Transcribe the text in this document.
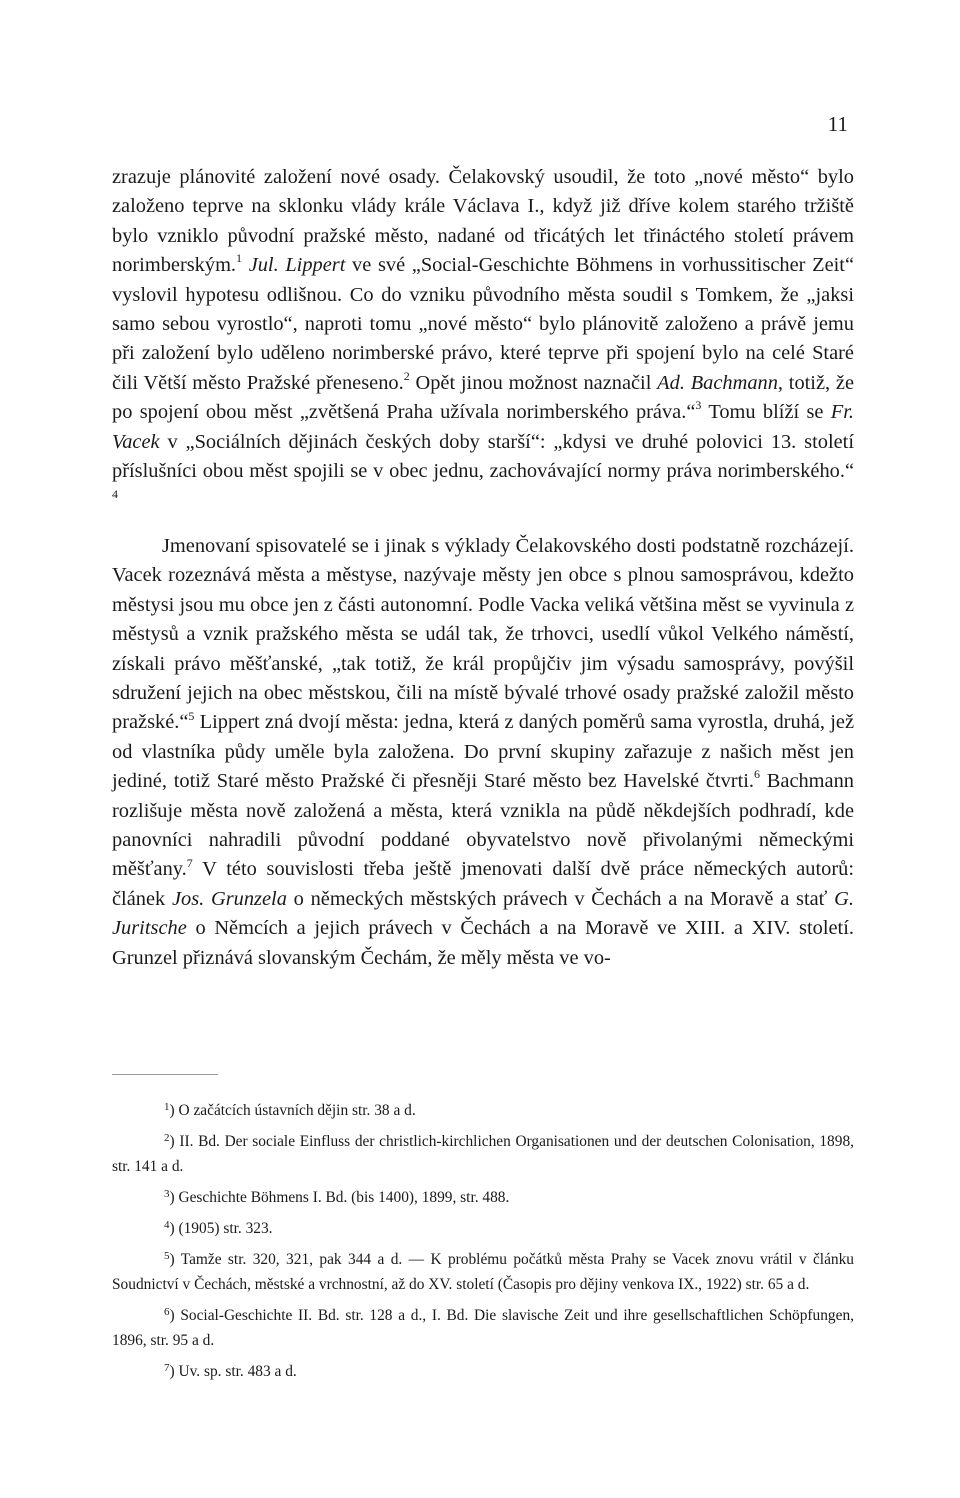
11

zrazuje plánovité založení nové osady. Čelakovský usoudil, že toto „nové město“ bylo založeno teprve na sklonku vlády krále Václava I., když již dříve kolem starého tržiště bylo vzniklo původní pražské město, nadané od třicátých let třináctého století právem norimberským.$^1$ Jul. Lippert ve své „Social-Geschichte Böhmens in vorhussitischer Zeit“ vyslovil hypotesu odlišnou. Co do vzniku původního města soudil s Tomkem, že „jaksi samo sebou vyrostlo“, naproti tomu „nové město“ bylo plánovitě založeno a právě jemu při založení bylo uděleno norimberské právo, které teprve při spojení bylo na celé Staré čili Větší město Pražské přeneseno.$^2$ Opět jinou možnost naznačil Ad. Bachmann, totiž, že po spojení obou měst „zvětšená Praha užívala norimberského práva.“$^3$ Tomu blíží se Fr. Vacek v „Sociálních dějinách českých doby starší“: „kdysi ve druhé polovici 13. století příslušníci obou měst spojili se v obec jednu, zachovávající normy práva norimberského.“ $^4$

Jmenovaní spisovatelé se i jinak s výklady Čelakovského dosti podstatně rozcházejí. Vacek rozeznává města a městyse, nazývaje městy jen obce s plnou samosprávou, kdežto městysi jsou mu obce jen z části autonomní. Podle Vacka veliká většina měst se vyvinula z městysů a vznik pražského města se udál tak, že trhovci, usedlí vůkol Velkého náměstí, získali právo měšťanské, „tak totiž, že král propůjčiv jim výsadu samosprávy, povýšil sdružení jejich na obec městskou, čili na místě bývalé trhové osady pražské založil město pražské.“$^5$ Lippert zná dvojí města: jedna, která z daných poměrů sama vyrostla, druhá, jež od vlastníka půdy uměle byla založena. Do první skupiny zařazuje z našich měst jen jediné, totiž Staré město Pražské či přesněji Staré město bez Havelské čtvrti.$^6$ Bachmann rozlišuje města nově založená a města, která vznikla na půdě někdejších podhradí, kde panovníci nahradili původní poddané obyvatelstvo nově přivolanými německými měšťany.$^7$ V této souvislosti třeba ještě jmenovati další dvě práce německých autorů: článek Jos. Grunzela o německých městských právech v Čechách a na Moravě a stať G. Juritsche o Němcích a jejich právech v Čechách a na Moravě ve XIII. a XIV. století. Grunzel přiznává slovanským Čechám, že měly města ve vo-

$^1$) O začátcích ústavních dějin str. 38 a d.

$^2$) II. Bd. Der sociale Einfluss der christlich-kirchlichen Organisationen und der deutschen Colonisation, 1898, str. 141 a d.

$^3$) Geschichte Böhmens I. Bd. (bis 1400), 1899, str. 488.

$^4$) (1905) str. 323.

$^5$) Tamže str. 320, 321, pak 344 a d. — K problému počátků města Prahy se Vacek znovu vrátil v článku Soudnictví v Čechách, městské a vrchnostní, až do XV. století (Časopis pro dějiny venkova IX., 1922) str. 65 a d.

$^6$) Social-Geschichte II. Bd. str. 128 a d., I. Bd. Die slavische Zeit und ihre gesellschaftlichen Schöpfungen, 1896, str. 95 a d.

$^7$) Uv. sp. str. 483 a d.
